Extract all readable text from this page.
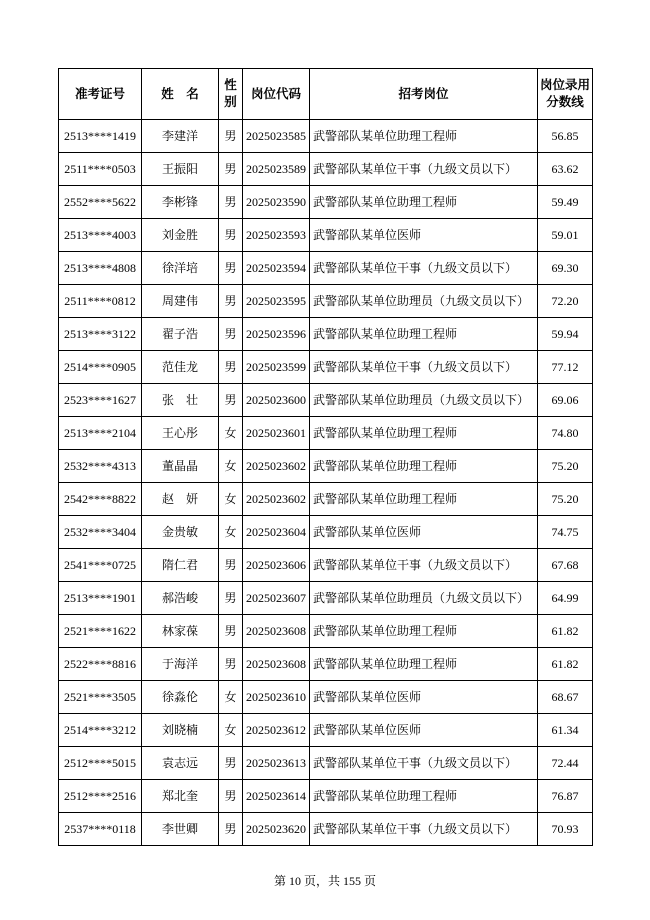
准考证号	姓　名	性别	岗位代码	招考岗位	岗位录用分数线
2513****1419	李建洋	男	2025023585	武警部队某单位助理工程师	56.85
2511****0503	王振阳	男	2025023589	武警部队某单位干事（九级文员以下）	63.62
2552****5622	李彬锋	男	2025023590	武警部队某单位助理工程师	59.49
2513****4003	刘金胜	男	2025023593	武警部队某单位医师	59.01
2513****4808	徐洋培	男	2025023594	武警部队某单位干事（九级文员以下）	69.30
2511****0812	周建伟	男	2025023595	武警部队某单位助理员（九级文员以下）	72.20
2513****3122	翟子浩	男	2025023596	武警部队某单位助理工程师	59.94
2514****0905	范佳龙	男	2025023599	武警部队某单位干事（九级文员以下）	77.12
2523****1627	张　壮	男	2025023600	武警部队某单位助理员（九级文员以下）	69.06
2513****2104	王心彤	女	2025023601	武警部队某单位助理工程师	74.80
2532****4313	董晶晶	女	2025023602	武警部队某单位助理工程师	75.20
2542****8822	赵　妍	女	2025023602	武警部队某单位助理工程师	75.20
2532****3404	金贵敏	女	2025023604	武警部队某单位医师	74.75
2541****0725	隋仁君	男	2025023606	武警部队某单位干事（九级文员以下）	67.68
2513****1901	郝浩峻	男	2025023607	武警部队某单位助理员（九级文员以下）	64.99
2521****1622	林家葆	男	2025023608	武警部队某单位助理工程师	61.82
2522****8816	于海洋	男	2025023608	武警部队某单位助理工程师	61.82
2521****3505	徐淼伦	女	2025023610	武警部队某单位医师	68.67
2514****3212	刘晓楠	女	2025023612	武警部队某单位医师	61.34
2512****5015	袁志远	男	2025023613	武警部队某单位干事（九级文员以下）	72.44
2512****2516	郑北奎	男	2025023614	武警部队某单位助理工程师	76.87
2537****0118	李世卿	男	2025023620	武警部队某单位干事（九级文员以下）	70.93
第 10 页，共 155 页
